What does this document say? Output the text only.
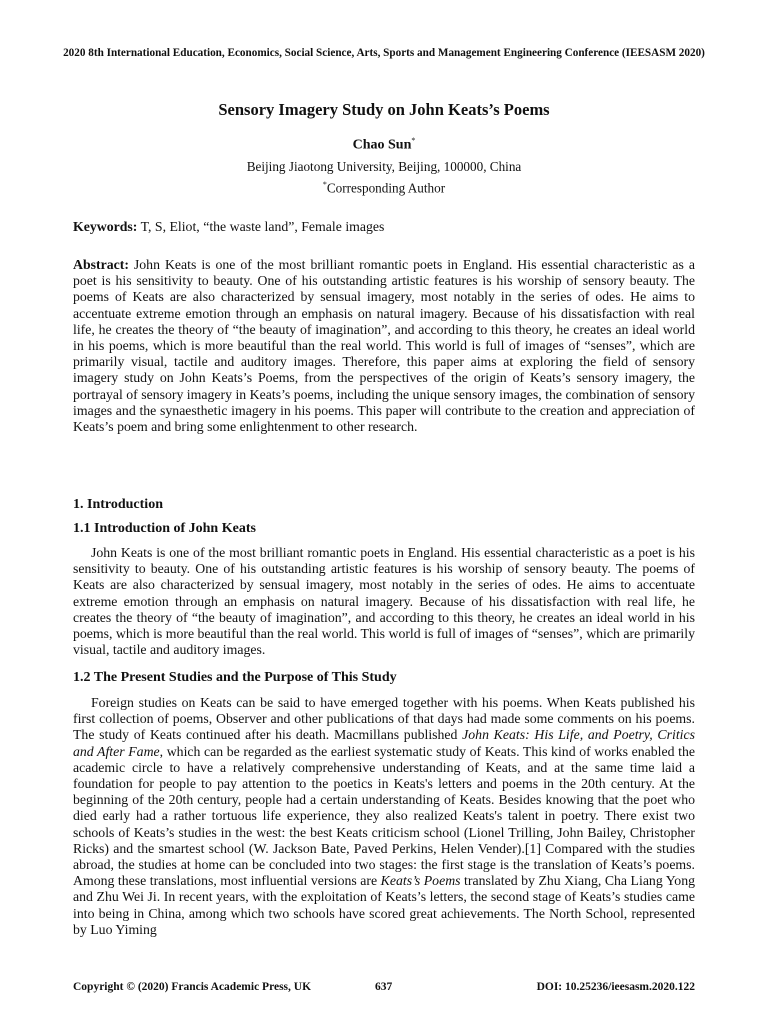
2020 8th International Education, Economics, Social Science, Arts, Sports and Management Engineering Conference (IEESASM 2020)
Sensory Imagery Study on John Keats’s Poems
Chao Sun*
Beijing Jiaotong University, Beijing, 100000, China
*Corresponding Author
Keywords: T, S, Eliot, “the waste land”, Female images
Abstract: John Keats is one of the most brilliant romantic poets in England. His essential characteristic as a poet is his sensitivity to beauty. One of his outstanding artistic features is his worship of sensory beauty. The poems of Keats are also characterized by sensual imagery, most notably in the series of odes. He aims to accentuate extreme emotion through an emphasis on natural imagery. Because of his dissatisfaction with real life, he creates the theory of “the beauty of imagination”, and according to this theory, he creates an ideal world in his poems, which is more beautiful than the real world. This world is full of images of “senses”, which are primarily visual, tactile and auditory images. Therefore, this paper aims at exploring the field of sensory imagery study on John Keats’s Poems, from the perspectives of the origin of Keats’s sensory imagery, the portrayal of sensory imagery in Keats’s poems, including the unique sensory images, the combination of sensory images and the synaesthetic imagery in his poems. This paper will contribute to the creation and appreciation of Keats’s poem and bring some enlightenment to other research.
1. Introduction
1.1 Introduction of John Keats
John Keats is one of the most brilliant romantic poets in England. His essential characteristic as a poet is his sensitivity to beauty. One of his outstanding artistic features is his worship of sensory beauty. The poems of Keats are also characterized by sensual imagery, most notably in the series of odes. He aims to accentuate extreme emotion through an emphasis on natural imagery. Because of his dissatisfaction with real life, he creates the theory of “the beauty of imagination”, and according to this theory, he creates an ideal world in his poems, which is more beautiful than the real world. This world is full of images of “senses”, which are primarily visual, tactile and auditory images.
1.2 The Present Studies and the Purpose of This Study
Foreign studies on Keats can be said to have emerged together with his poems. When Keats published his first collection of poems, Observer and other publications of that days had made some comments on his poems. The study of Keats continued after his death. Macmillans published John Keats: His Life, and Poetry, Critics and After Fame, which can be regarded as the earliest systematic study of Keats. This kind of works enabled the academic circle to have a relatively comprehensive understanding of Keats, and at the same time laid a foundation for people to pay attention to the poetics in Keats's letters and poems in the 20th century. At the beginning of the 20th century, people had a certain understanding of Keats. Besides knowing that the poet who died early had a rather tortuous life experience, they also realized Keats's talent in poetry. There exist two schools of Keats’s studies in the west: the best Keats criticism school (Lionel Trilling, John Bailey, Christopher Ricks) and the smartest school (W. Jackson Bate, Paved Perkins, Helen Vender).[1] Compared with the studies abroad, the studies at home can be concluded into two stages: the first stage is the translation of Keats’s poems. Among these translations, most influential versions are Keats’s Poems translated by Zhu Xiang, Cha Liang Yong and Zhu Wei Ji. In recent years, with the exploitation of Keats’s letters, the second stage of Keats’s studies came into being in China, among which two schools have scored great achievements. The North School, represented by Luo Yiming
Copyright © (2020) Francis Academic Press, UK	637	DOI: 10.25236/ieesasm.2020.122
